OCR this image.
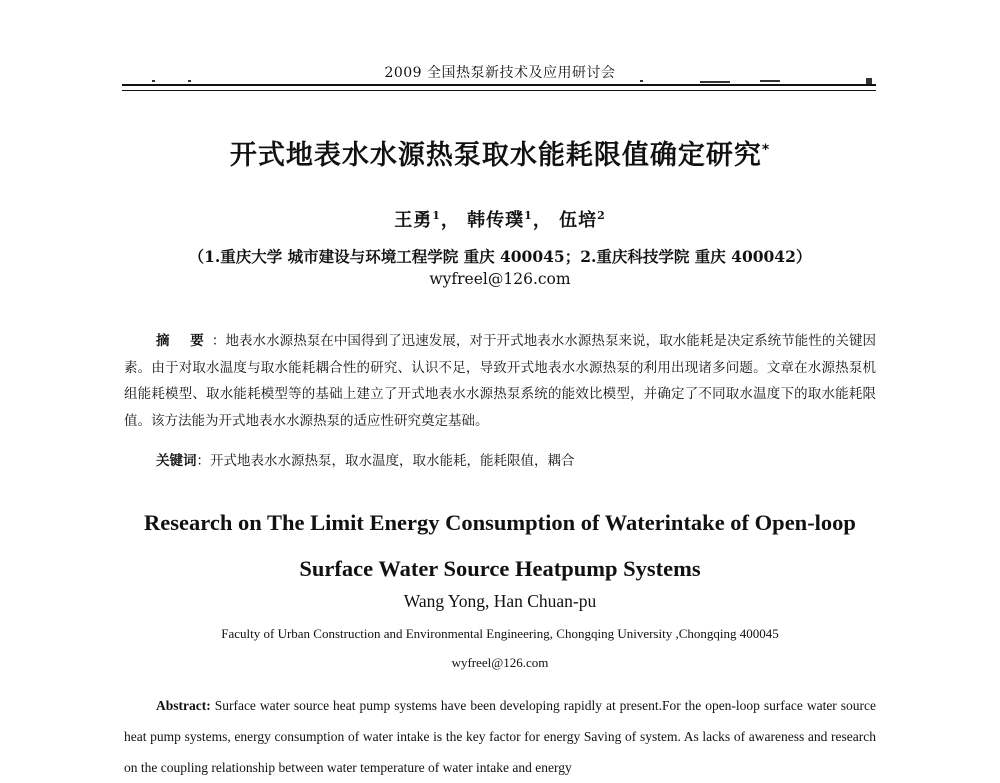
2009 全国热泵新技术及应用研讨会
开式地表水水源热泵取水能耗限值确定研究*
王勇$^1$， 韩传璞$^1$， 伍培$^2$
（1.重庆大学 城市建设与环境工程学院 重庆 400045；2.重庆科技学院 重庆 400042）
wyfreel@126.com
摘 要：地表水水源热泵在中国得到了迅速发展，对于开式地表水水源热泵来说，取水能耗是决定系统节能性的关键因素。由于对取水温度与取水能耗耦合性的研究、认识不足，导致开式地表水水源热泵的利用出现诸多问题。文章在水源热泵机组能耗模型、取水能耗模型等的基础上建立了开式地表水水源热泵系统的能效比模型，并确定了不同取水温度下的取水能耗限值。该方法能为开式地表水水源热泵的适应性研究奠定基础。
关键词：开式地表水水源热泵，取水温度，取水能耗，能耗限值，耦合
Research on The Limit Energy Consumption of Waterintake of Open-loop
Surface Water Source Heatpump Systems
Wang Yong, Han Chuan-pu
Faculty of Urban Construction and Environmental Engineering, Chongqing University ,Chongqing 400045
wyfreel@126.com
Abstract: Surface water source heat pump systems have been developing rapidly at present.For the open-loop surface water source heat pump systems, energy consumption of water intake is the key factor for energy Saving of system. As lacks of awareness and research on the coupling relationship between water temperature of water intake and energy
